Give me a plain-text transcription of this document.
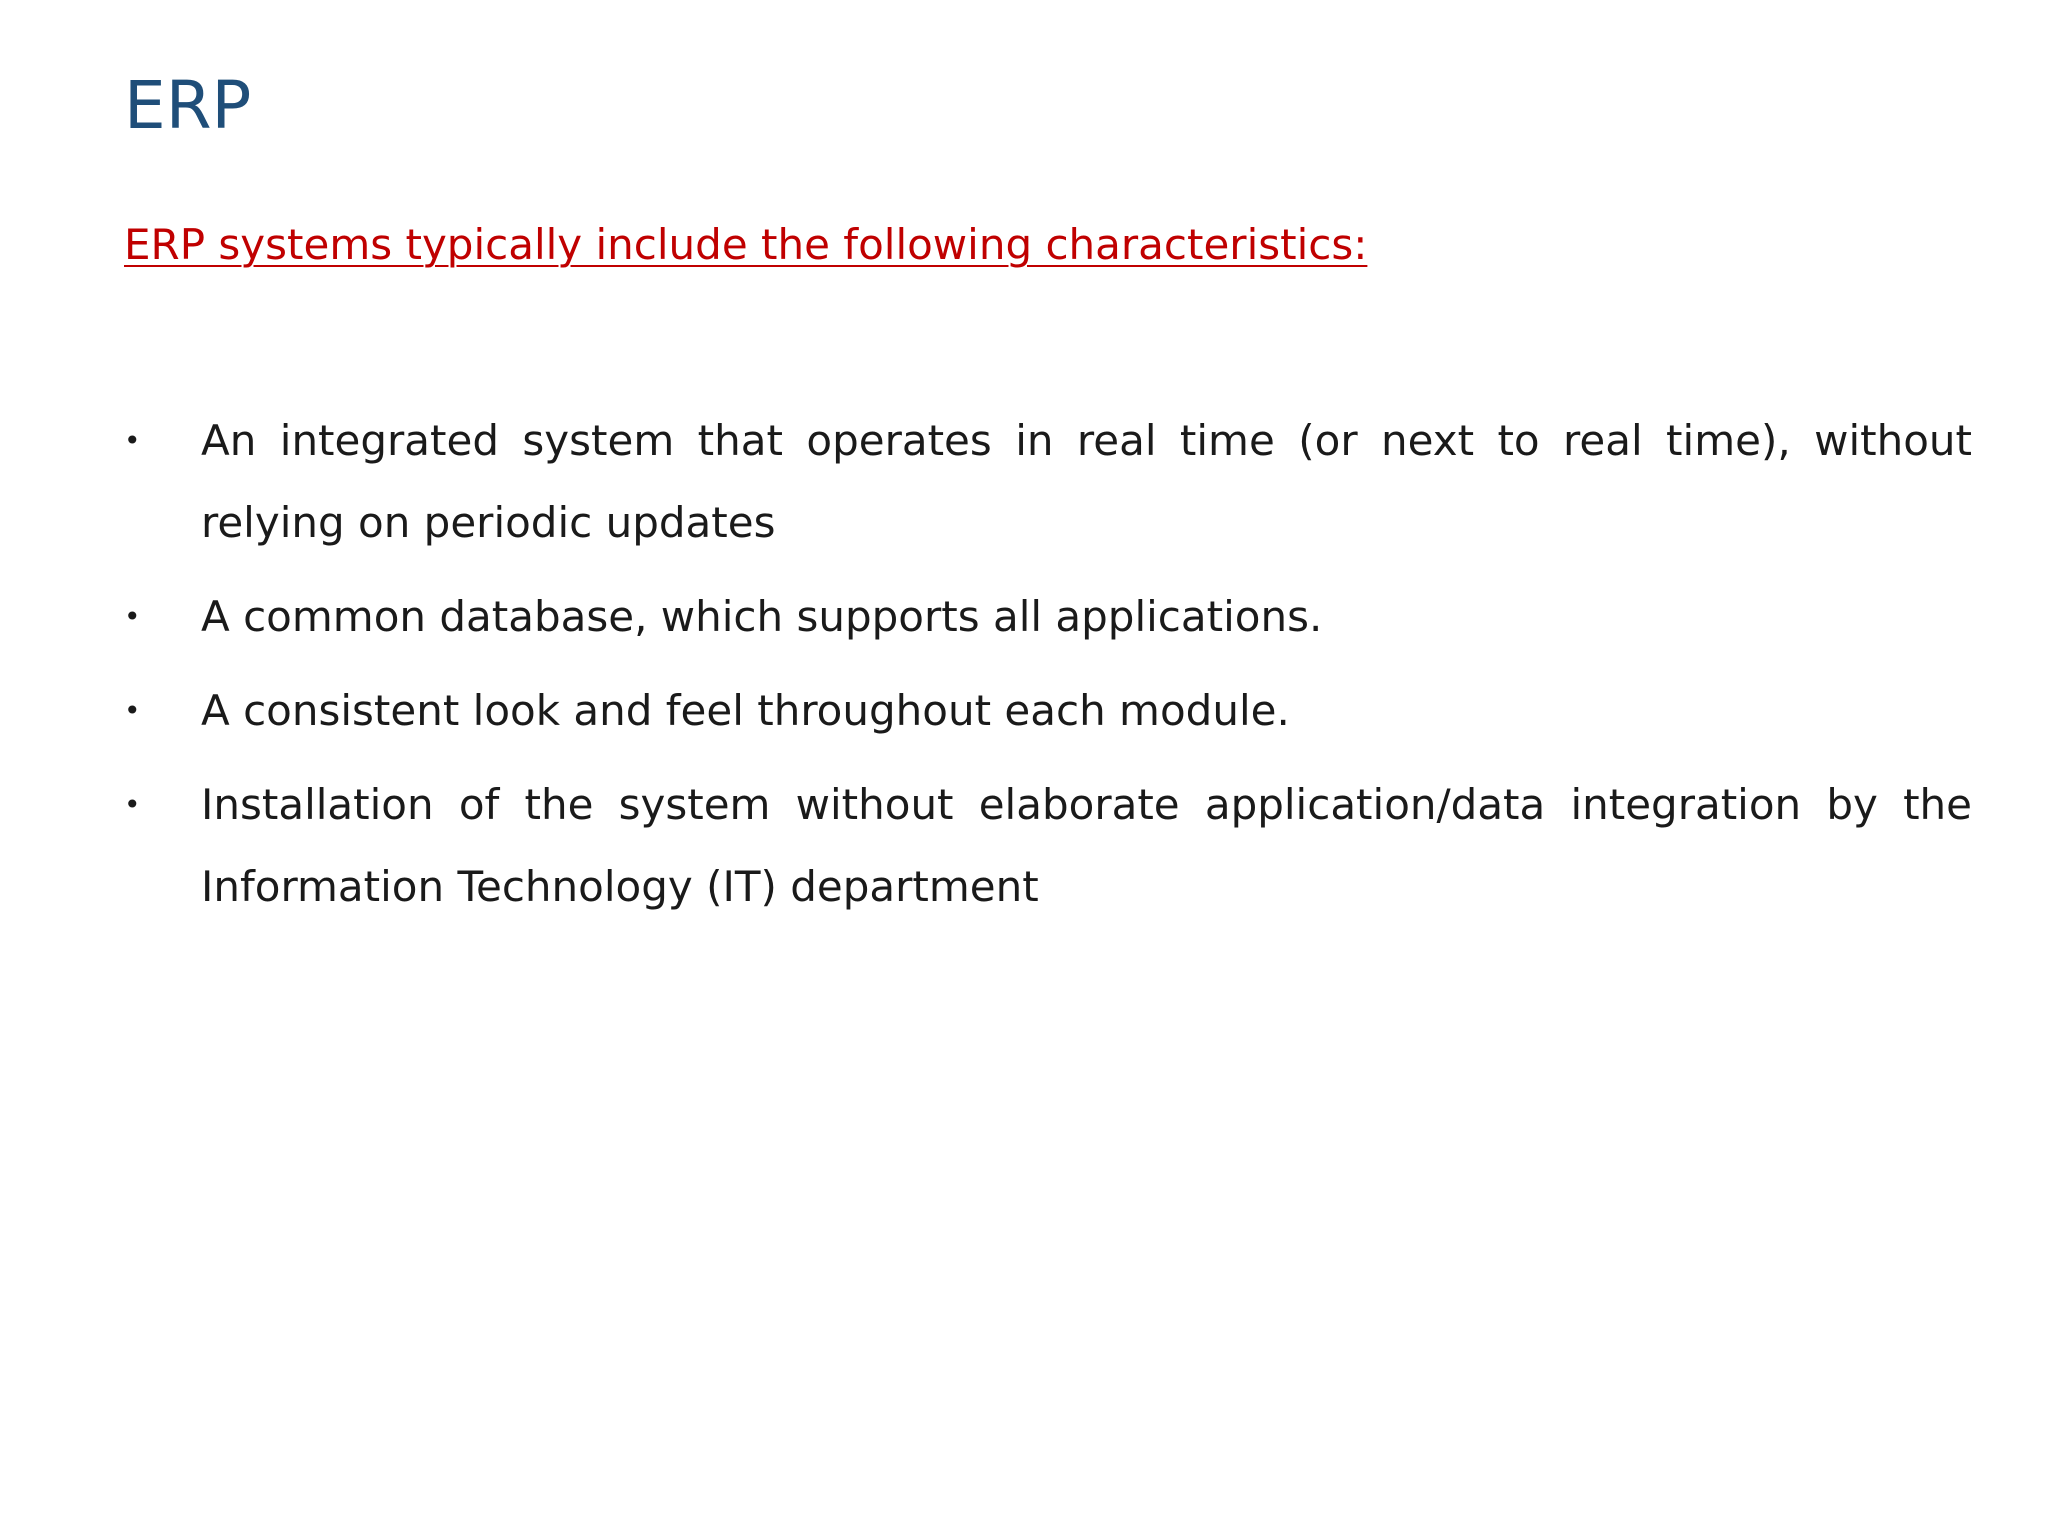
ERP

ERP systems typically include the following characteristics:

•	An integrated system that operates in real time (or next to real time), without relying on periodic updates
•	A common database, which supports all applications.
•	A consistent look and feel throughout each module.
•	Installation of the system without elaborate application/data integration by the Information Technology (IT) department
